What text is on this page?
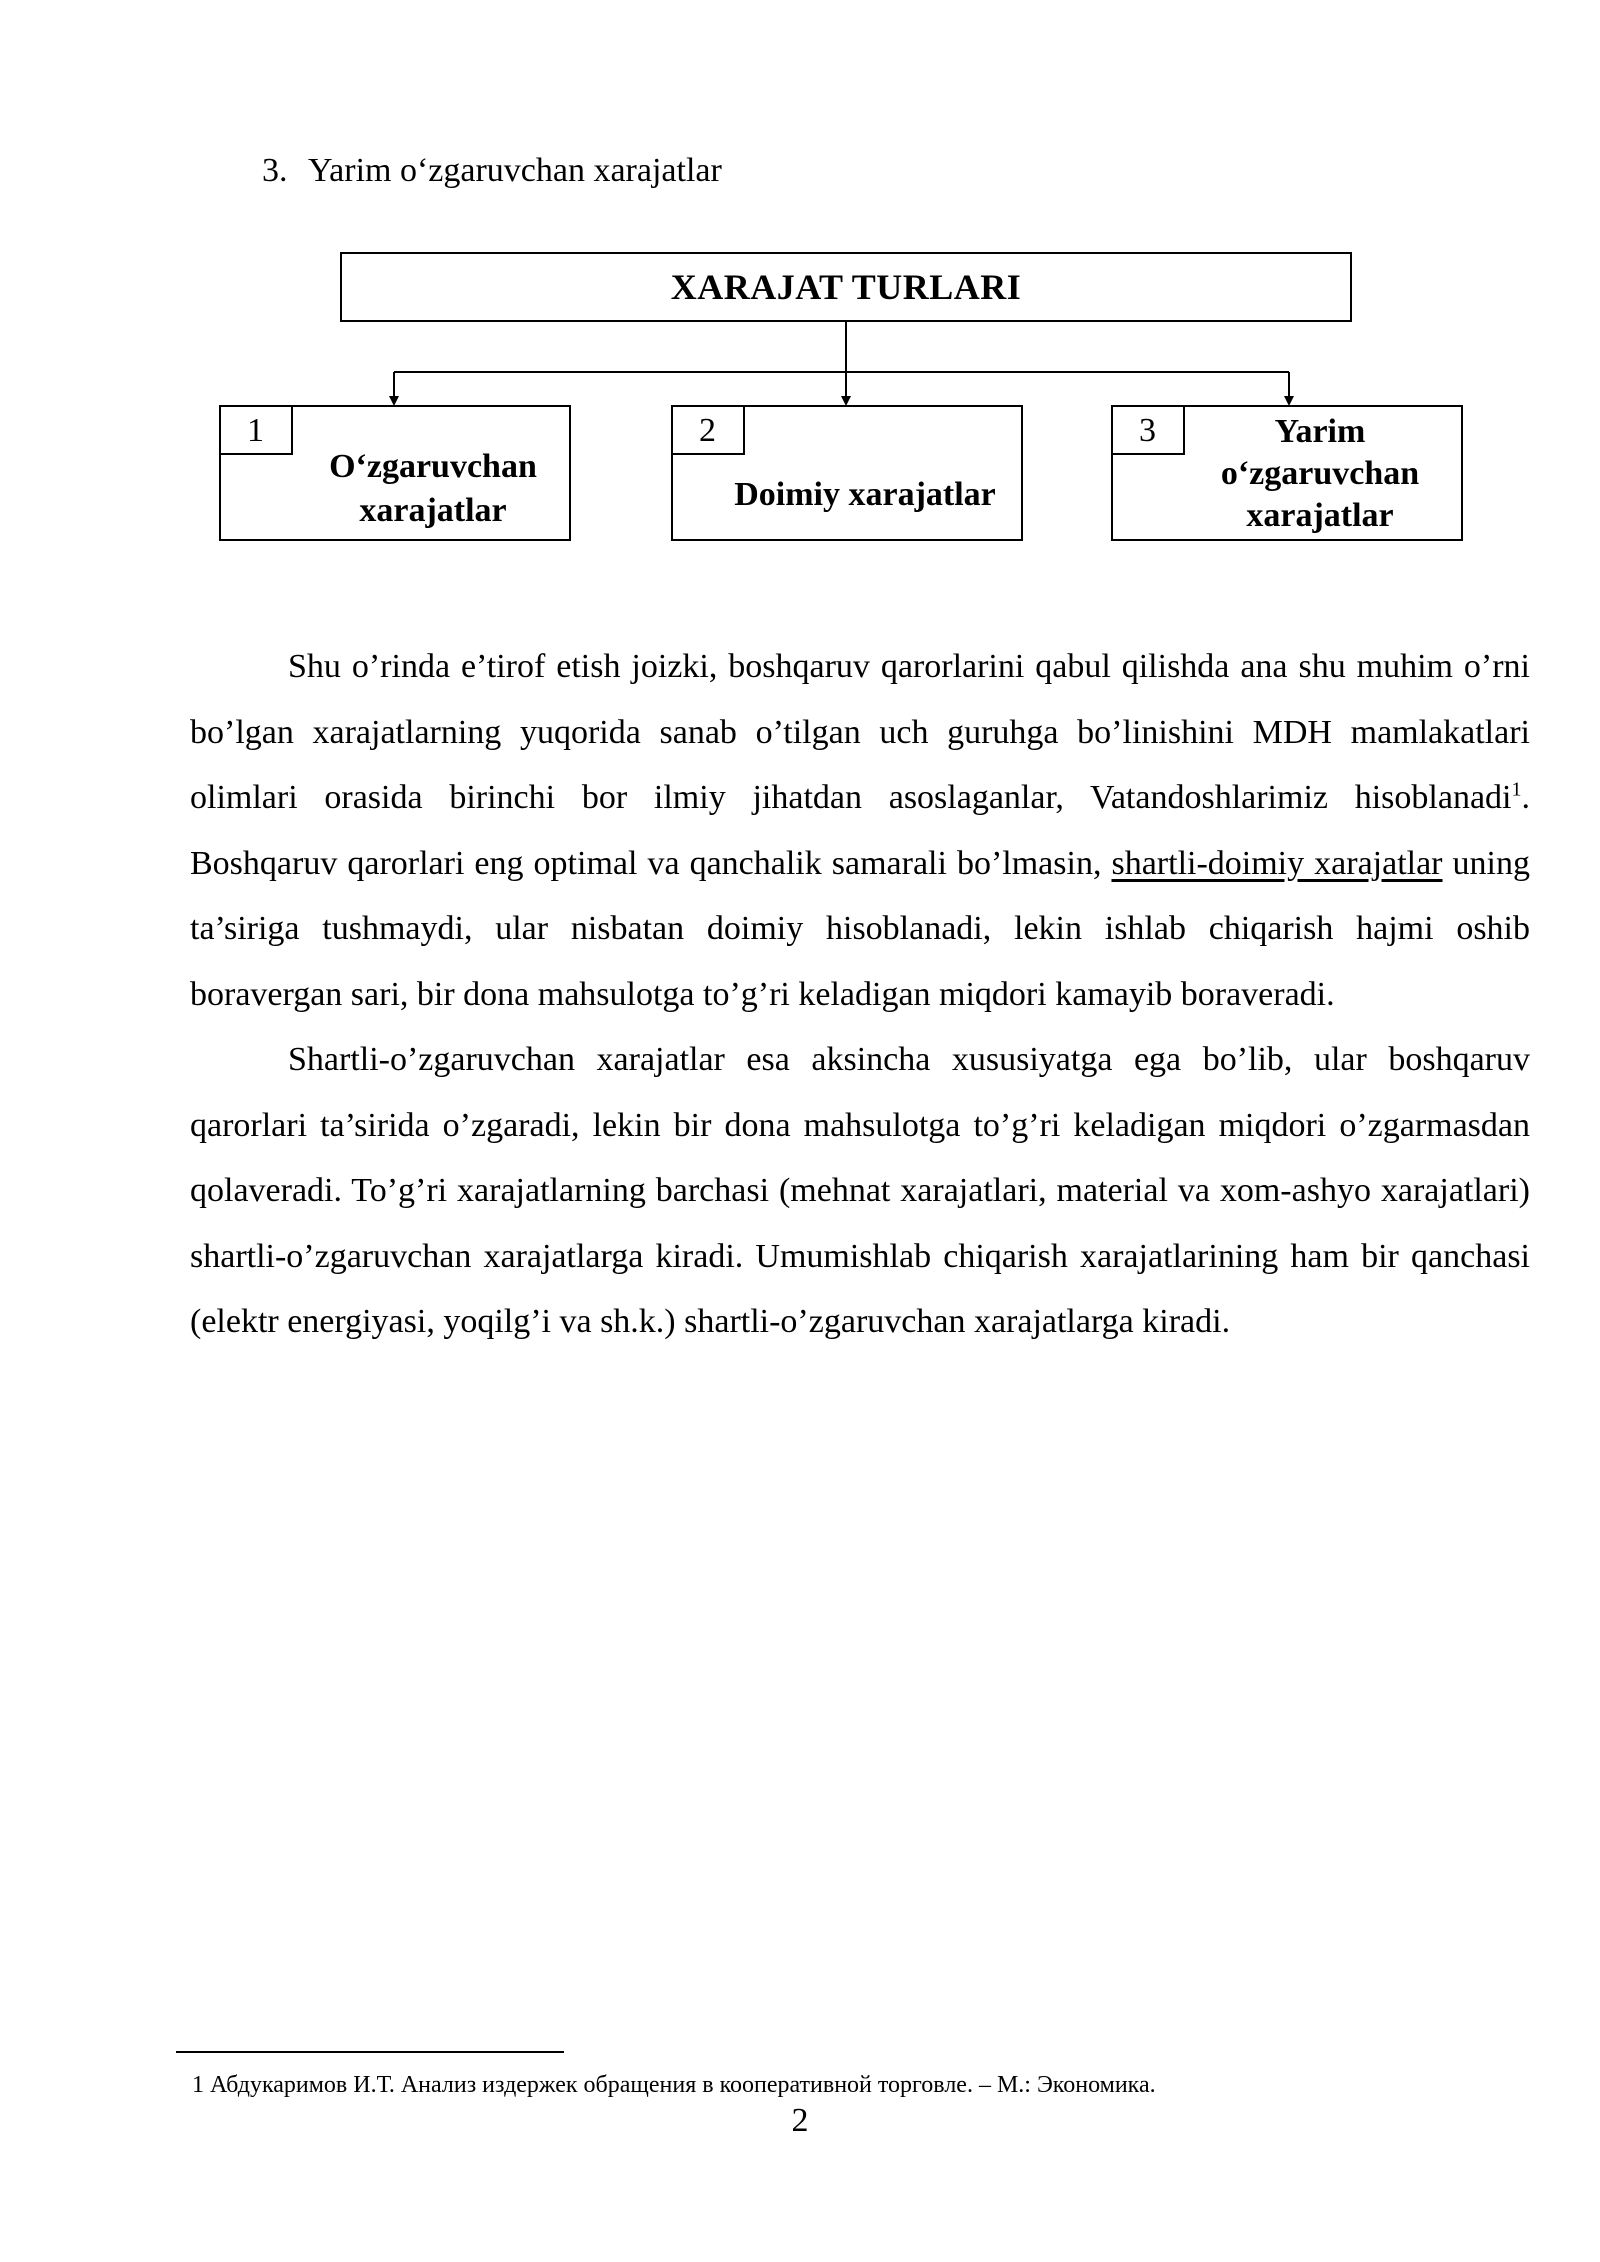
3. Yarim o‘zgaruvchan xarajatlar
XARAJAT TURLARI
1
O‘zgaruvchan xarajatlar
2
Doimiy xarajatlar
3	Yarim o‘zgaruvchan xarajatlar

Shu o’rinda e’tirof etish joizki, boshqaruv qarorlarini qabul qilishda ana shu muhim o’rni bo’lgan xarajatlarning yuqorida sanab o’tilgan uch guruhga bo’linishini MDH mamlakatlari olimlari orasida birinchi bor ilmiy jihatdan asoslaganlar, Vatandoshlarimiz hisoblanadi$^1$. Boshqaruv qarorlari eng optimal va qanchalik samarali bo’lmasin, shartli-doimiy xarajatlar uning ta’siriga tushmaydi, ular nisbatan doimiy hisoblanadi, lekin ishlab chiqarish hajmi oshib boravergan sari, bir dona mahsulotga to’g’ri keladigan miqdori kamayib boraveradi.

Shartli-o’zgaruvchan xarajatlar esa aksincha xususiyatga ega bo’lib, ular boshqaruv qarorlari ta’sirida o’zgaradi, lekin bir dona mahsulotga to’g’ri keladigan miqdori o’zgarmasdan qolaveradi. To’g’ri xarajatlarning barchasi (mehnat xarajatlari, material va xom-ashyo xarajatlari) shartli-o’zgaruvchan xarajatlarga kiradi. Umumishlab chiqarish xarajatlarining ham bir qanchasi (elektr energiyasi, yoqilg’i va sh.k.) shartli-o’zgaruvchan xarajatlarga kiradi.

1 Абдукаримов И.Т. Анализ издержек обращения в кооперативной торговле. – М.: Экономика.
2
